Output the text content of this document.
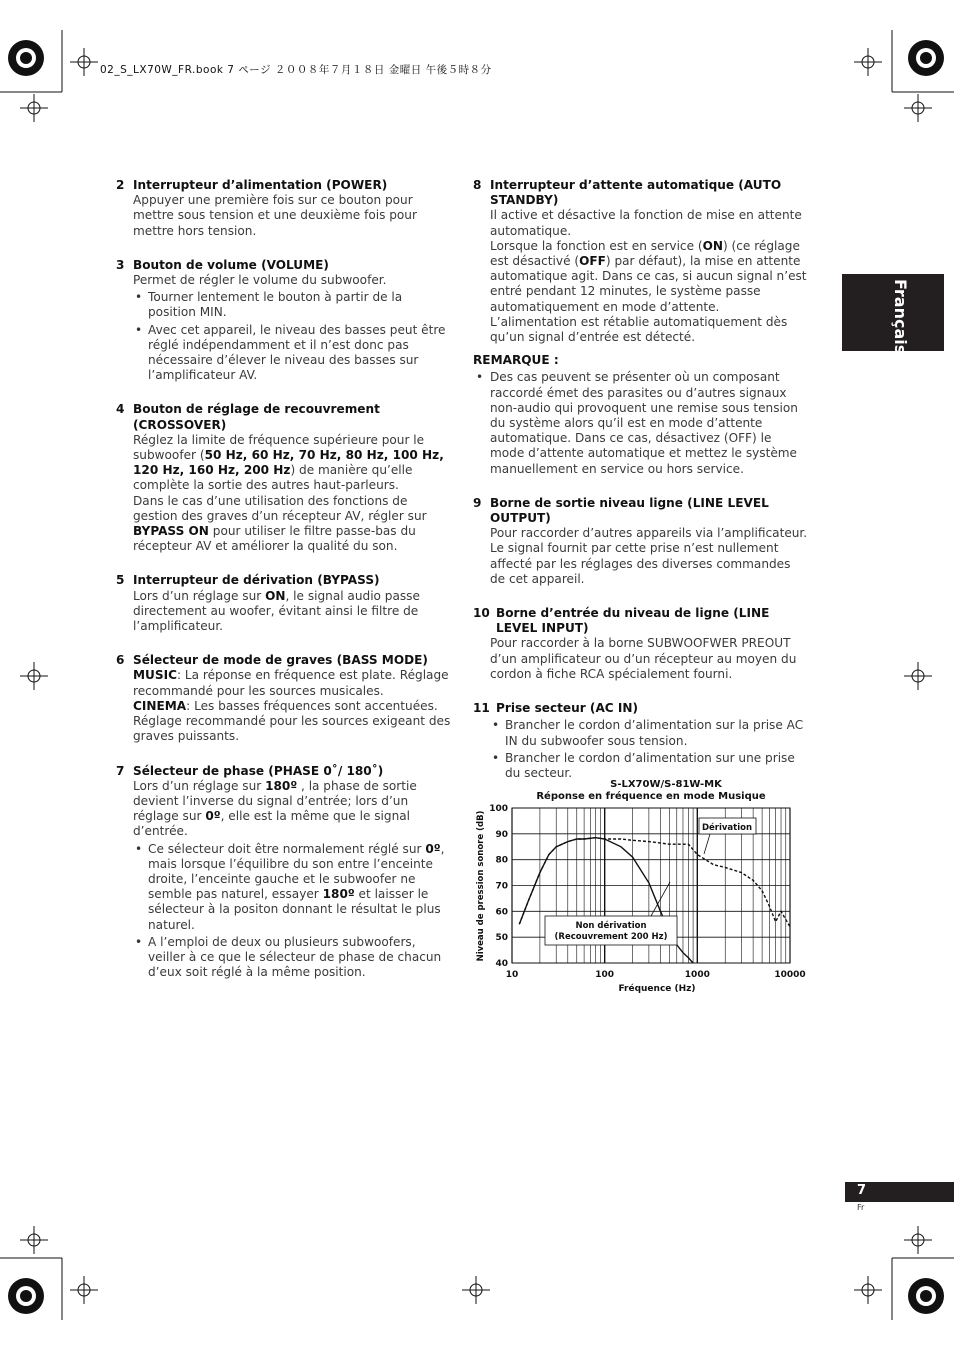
02_S_LX70W_FR.book 7 ページ ２００８年７月１８日 金曜日 午後５時８分
Français
2 Interrupteur d’alimentation (POWER)

Appuyer une première fois sur ce bouton pour mettre sous tension et une deuxième fois pour mettre hors tension.

3 Bouton de volume (VOLUME)

Permet de régler le volume du subwoofer.

• Tourner lentement le bouton à partir de la position MIN.
• Avec cet appareil, le niveau des basses peut être réglé indépendamment et il n’est donc pas nécessaire d’élever le niveau des basses sur l’amplificateur AV.
4 Bouton de réglage de recouvrement (CROSSOVER)

Réglez la limite de fréquence supérieure pour le subwoofer (50 Hz, 60 Hz, 70 Hz, 80 Hz, 100 Hz, 120 Hz, 160 Hz, 200 Hz) de manière qu’elle complète la sortie des autres haut-parleurs.

Dans le cas d’une utilisation des fonctions de gestion des graves d’un récepteur AV, régler sur BYPASS ON pour utiliser le filtre passe-bas du récepteur AV et améliorer la qualité du son.

5 Interrupteur de dérivation (BYPASS)

Lors d’un réglage sur ON, le signal audio passe directement au woofer, évitant ainsi le filtre de l’amplificateur.

6 Sélecteur de mode de graves (BASS MODE)

MUSIC: La réponse en fréquence est plate. Réglage recommandé pour les sources musicales.

CINEMA: Les basses fréquences sont accentuées. Réglage recommandé pour les sources exigeant des graves puissants.

7 Sélecteur de phase (PHASE 0˚/ 180˚)

Lors d’un réglage sur 180º , la phase de sortie devient l’inverse du signal d’entrée; lors d’un réglage sur 0º, elle est la même que le signal d’entrée.

• Ce sélecteur doit être normalement réglé sur 0º, mais lorsque l’équilibre du son entre l’enceinte droite, l’enceinte gauche et le subwoofer ne semble pas naturel, essayer 180º et laisser le sélecteur à la positon donnant le résultat le plus naturel.
• A l’emploi de deux ou plusieurs subwoofers, veiller à ce que le sélecteur de phase de chacun d’eux soit réglé à la même position.
8 Interrupteur d’attente automatique (AUTO STANDBY)

Il active et désactive la fonction de mise en attente automatique.

Lorsque la fonction est en service (ON) (ce réglage est désactivé (OFF) par défaut), la mise en attente automatique agit. Dans ce cas, si aucun signal n’est entré pendant 12 minutes, le système passe automatiquement en mode d’attente. L’alimentation est rétablie automatiquement dès qu’un signal d’entrée est détecté.

REMARQUE :
• Des cas peuvent se présenter où un composant raccordé émet des parasites ou d’autres signaux non-audio qui provoquent une remise sous tension du système alors qu’il est en mode d’attente automatique. Dans ce cas, désactivez (OFF) le mode d’attente automatique et mettez le système manuellement en service ou hors service.
9 Borne de sortie niveau ligne (LINE LEVEL OUTPUT)

Pour raccorder d’autres appareils via l’amplificateur. Le signal fournit par cette prise n’est nullement affecté par les réglages des diverses commandes de cet appareil.

10 Borne d’entrée du niveau de ligne (LINE LEVEL INPUT)

Pour raccorder à la borne SUBWOOFWER PREOUT d’un amplificateur ou d’un récepteur au moyen du cordon à fiche RCA spécialement fourni.

11 Prise secteur (AC IN)
• Brancher le cordon d’alimentation sur la prise AC IN du subwoofer sous tension.
• Brancher le cordon d’alimentation sur une prise du secteur.
S-LX70W/S-81W-MK
Réponse en fréquence en mode Musique
100
90
80
70
60
50
40
10	100	1000	10000
Fréquence (Hz)
Niveau de pression sonore (dB)	Dérivation
Non dérivation
(Recouvrement 200 Hz)
7
Fr
